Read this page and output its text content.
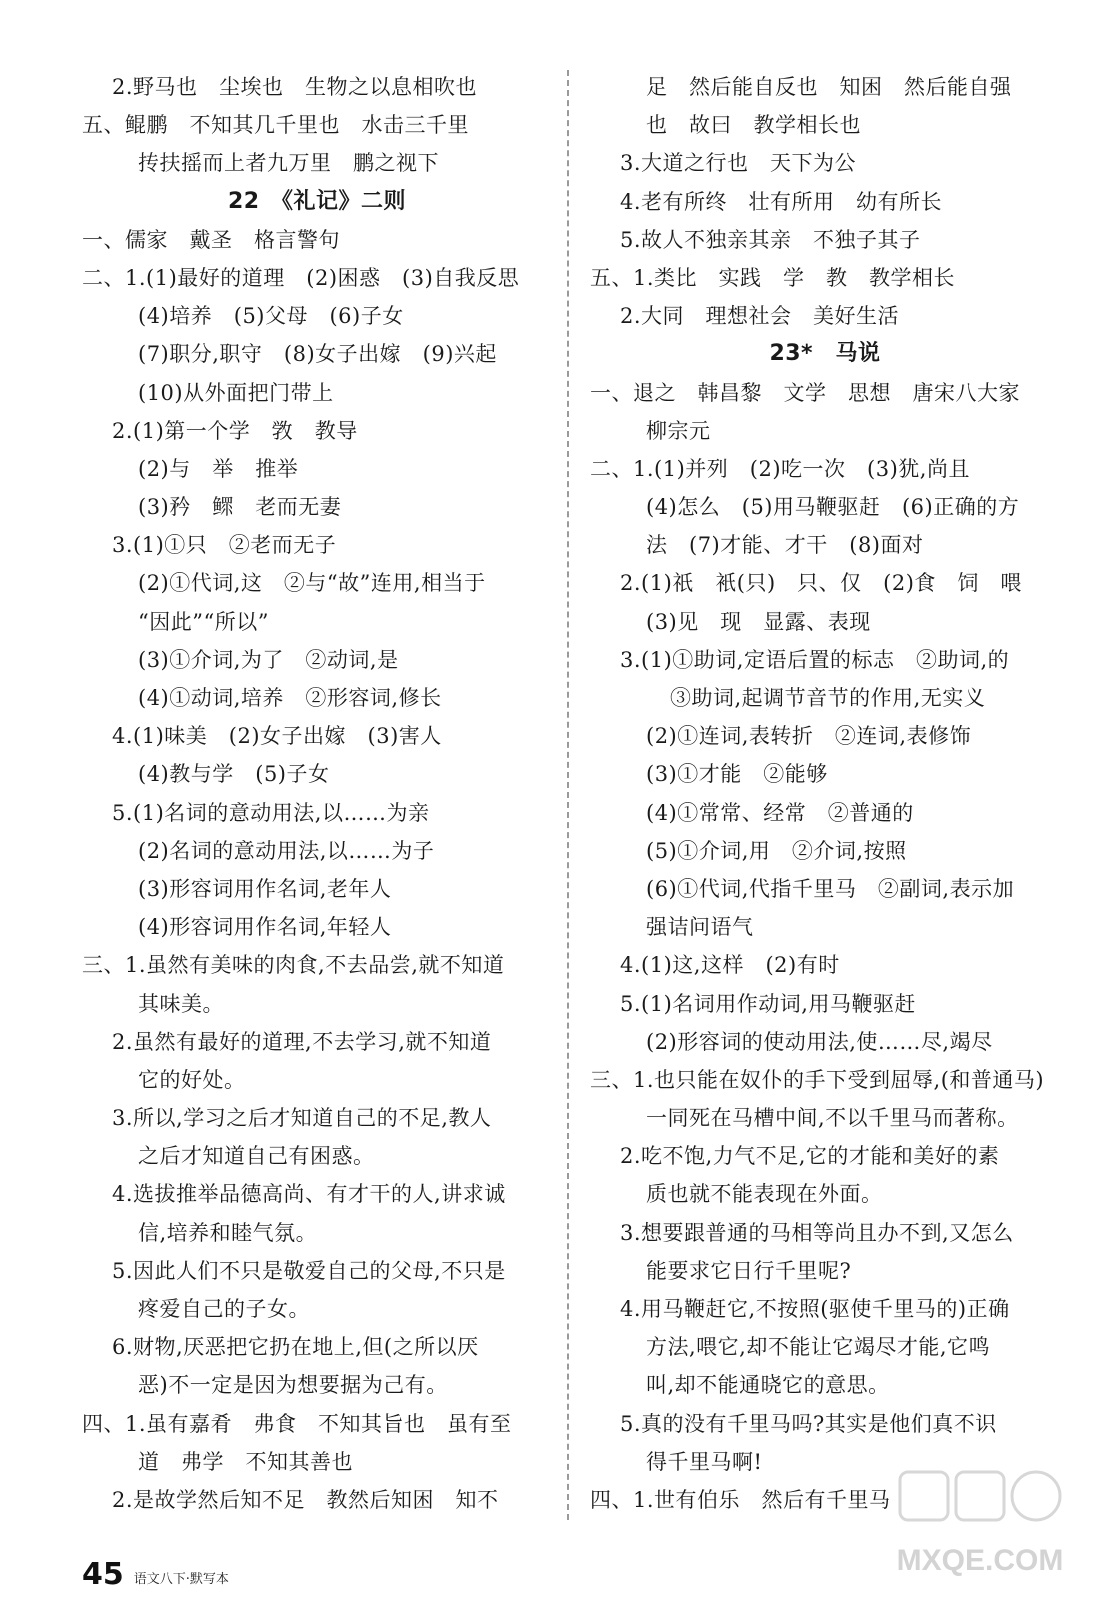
2.野马也　尘埃也　生物之以息相吹也
五、鲲鹏　不知其几千里也　水击三千里
抟扶摇而上者九万里　鹏之视下
22　《礼记》二则
一、儒家　戴圣　格言警句
二、1.(1)最好的道理　(2)困惑　(3)自我反思
(4)培养　(5)父母　(6)子女
(7)职分,职守　(8)女子出嫁　(9)兴起
(10)从外面把门带上
2.(1)第一个学　敩　教导
(2)与　举　推举
(3)矜　鳏　老而无妻
3.(1)①只　②老而无子
(2)①代词,这　②与“故”连用,相当于
“因此”“所以”
(3)①介词,为了　②动词,是
(4)①动词,培养　②形容词,修长
4.(1)味美　(2)女子出嫁　(3)害人
(4)教与学　(5)子女
5.(1)名词的意动用法,以……为亲
(2)名词的意动用法,以……为子
(3)形容词用作名词,老年人
(4)形容词用作名词,年轻人
三、1.虽然有美味的肉食,不去品尝,就不知道
其味美。
2.虽然有最好的道理,不去学习,就不知道
它的好处。
3.所以,学习之后才知道自己的不足,教人
之后才知道自己有困惑。
4.选拔推举品德高尚、有才干的人,讲求诚
信,培养和睦气氛。
5.因此人们不只是敬爱自己的父母,不只是
疼爱自己的子女。
6.财物,厌恶把它扔在地上,但(之所以厌
恶)不一定是因为想要据为己有。
四、1.虽有嘉肴　弗食　不知其旨也　虽有至
道　弗学　不知其善也
2.是故学然后知不足　教然后知困　知不
足　然后能自反也　知困　然后能自强
也　故曰　教学相长也
3.大道之行也　天下为公
4.老有所终　壮有所用　幼有所长
5.故人不独亲其亲　不独子其子
五、1.类比　实践　学　教　教学相长
2.大同　理想社会　美好生活
23*　马说
一、退之　韩昌黎　文学　思想　唐宋八大家
柳宗元
二、1.(1)并列　(2)吃一次　(3)犹,尚且
(4)怎么　(5)用马鞭驱赶　(6)正确的方
法　(7)才能、才干　(8)面对
2.(1)祇　衹(只)　只、仅　(2)食　饲　喂
(3)见　现　显露、表现
3.(1)①助词,定语后置的标志　②助词,的
③助词,起调节音节的作用,无实义
(2)①连词,表转折　②连词,表修饰
(3)①才能　②能够
(4)①常常、经常　②普通的
(5)①介词,用　②介词,按照
(6)①代词,代指千里马　②副词,表示加
强诘问语气
4.(1)这,这样　(2)有时
5.(1)名词用作动词,用马鞭驱赶
(2)形容词的使动用法,使……尽,竭尽
三、1.也只能在奴仆的手下受到屈辱,(和普通马)
一同死在马槽中间,不以千里马而著称。
2.吃不饱,力气不足,它的才能和美好的素
质也就不能表现在外面。
3.想要跟普通的马相等尚且办不到,又怎么
能要求它日行千里呢?
4.用马鞭赶它,不按照(驱使千里马的)正确
方法,喂它,却不能让它竭尽才能,它鸣
叫,却不能通晓它的意思。
5.真的没有千里马吗?其实是他们真不识
得千里马啊!
四、1.世有伯乐　然后有千里马
45 语文八下·默写本
MXQE.COM
